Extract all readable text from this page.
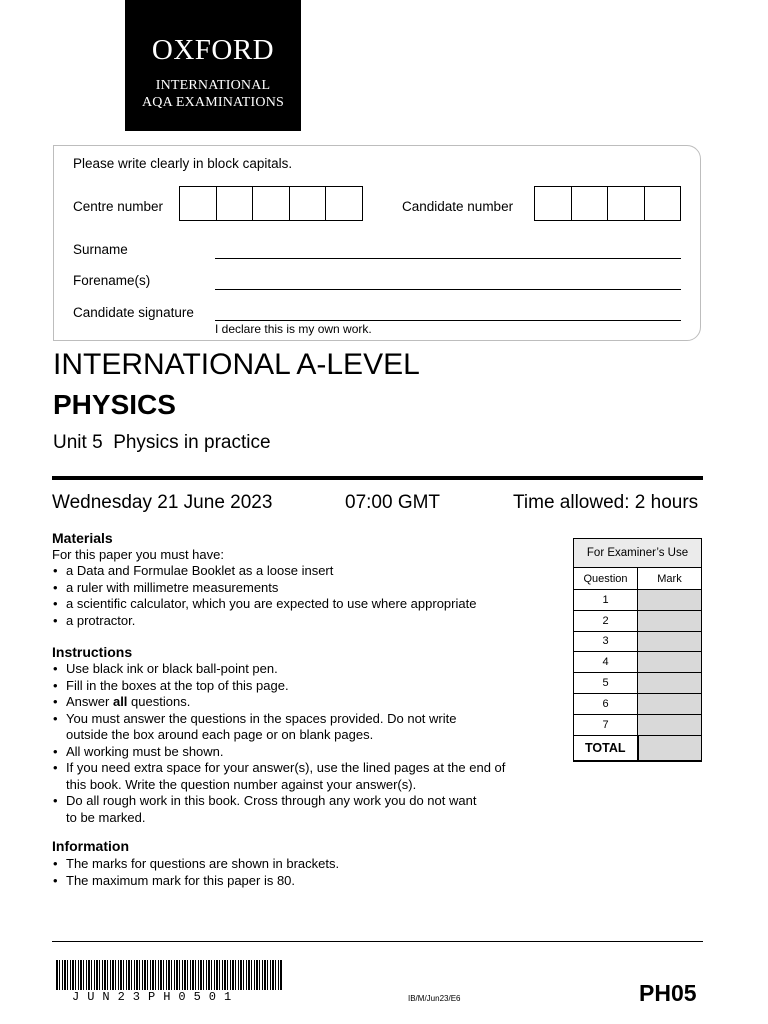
OXFORD
INTERNATIONAL
AQA EXAMINATIONS
Please write clearly in block capitals.
Centre number	Candidate number
Surname
Forename(s)
Candidate signature
I declare this is my own work.
INTERNATIONAL A-LEVEL
PHYSICS
Unit 5  Physics in practice
Wednesday 21 June 2023	07:00 GMT	Time allowed: 2 hours
Materials
For this paper you must have:
• a Data and Formulae Booklet as a loose insert
• a ruler with millimetre measurements
• a scientific calculator, which you are expected to use where appropriate
• a protractor.
Instructions
• Use black ink or black ball-point pen.
• Fill in the boxes at the top of this page.
• Answer all questions.
• You must answer the questions in the spaces provided. Do not write
outside the box around each page or on blank pages.
• All working must be shown.
• If you need extra space for your answer(s), use the lined pages at the end of
this book. Write the question number against your answer(s).
• Do all rough work in this book. Cross through any work you do not want
to be marked.
Information
• The marks for questions are shown in brackets.
• The maximum mark for this paper is 80.
For Examiner’s Use	
Question	Mark
1	
2	
3	
4	
5	
6	
7	
TOTAL	
JUN23PH0501	IB/M/Jun23/E6	PH05
